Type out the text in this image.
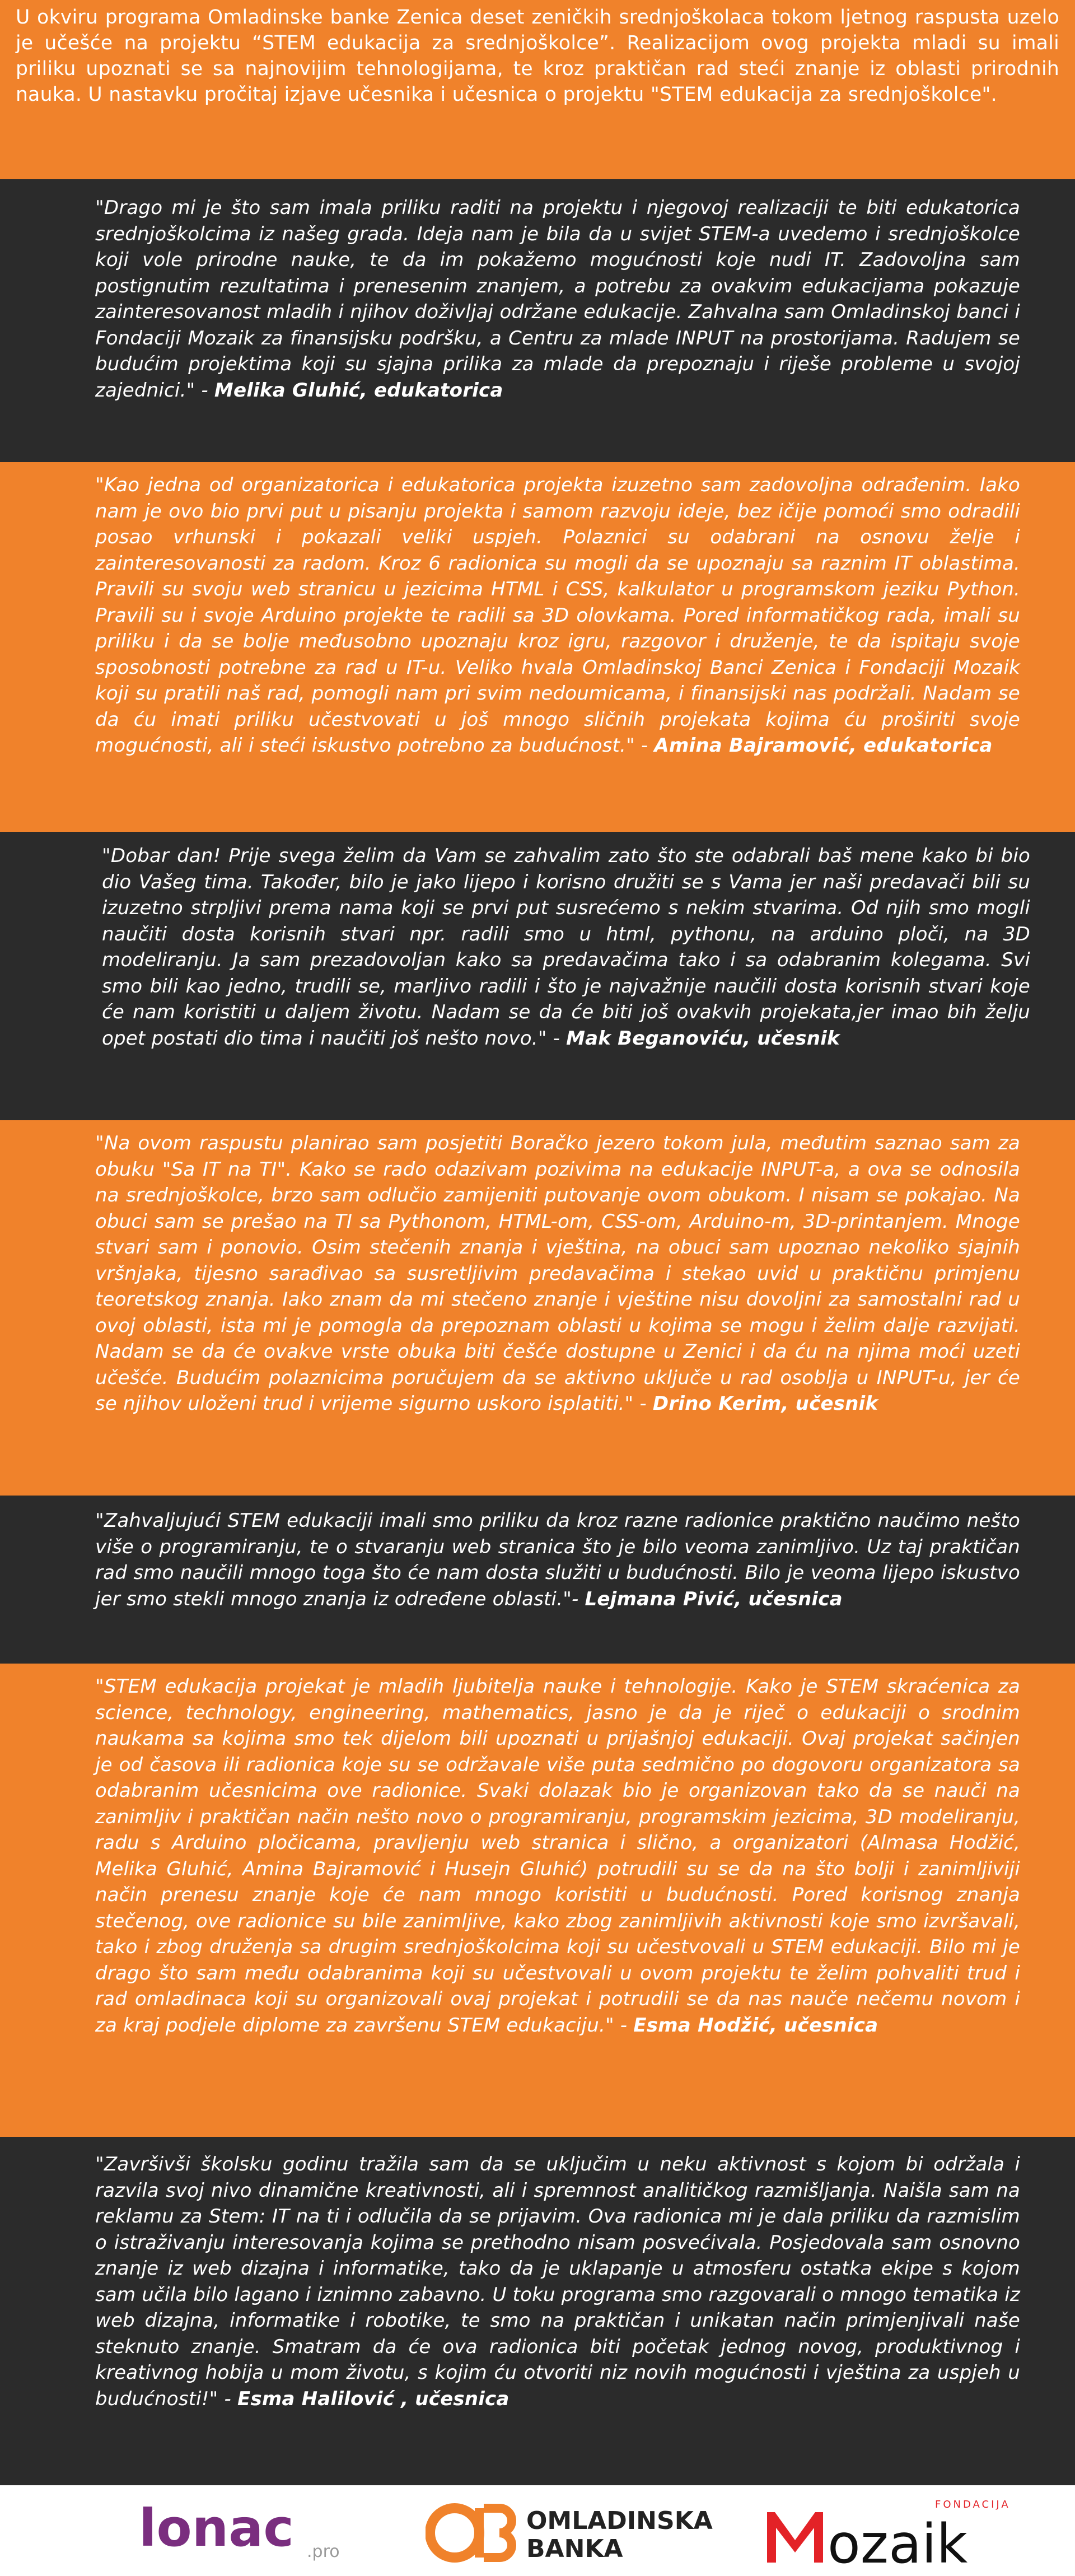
U okviru programa Omladinske banke Zenica deset zeničkih srednjoškolaca tokom ljetnog raspusta uzelo je učešće na projektu “STEM edukacija za srednjoškolce”. Realizacijom ovog projekta mladi su imali priliku upoznati se sa najnovijim tehnologijama, te kroz praktičan rad steći znanje iz oblasti prirodnih nauka. U nastavku pročitaj izjave učesnika i učesnica o projektu "STEM edukacija za srednjoškolce".
"Drago mi je što sam imala priliku raditi na projektu i njegovoj realizaciji te biti edukatorica srednjoškolcima iz našeg grada. Ideja nam je bila da u svijet STEM-a uvedemo i srednjoškolce koji vole prirodne nauke, te da im pokažemo mogućnosti koje nudi IT. Zadovoljna sam postignutim rezultatima i prenesenim znanjem, a potrebu za ovakvim edukacijama pokazuje zainteresovanost mladih i njihov doživljaj održane edukacije. Zahvalna sam Omladinskoj banci i Fondaciji Mozaik za finansijsku podršku, a Centru za mlade INPUT na prostorijama. Radujem se budućim projektima koji su sjajna prilika za mlade da prepoznaju i riješe probleme u svojoj zajednici." - Melika Gluhić, edukatorica
"Kao jedna od organizatorica i edukatorica projekta izuzetno sam zadovoljna odrađenim. Iako nam je ovo bio prvi put u pisanju projekta i samom razvoju ideje, bez ičije pomoći smo odradili posao vrhunski i pokazali veliki uspjeh. Polaznici su odabrani na osnovu želje i zainteresovanosti za radom. Kroz 6 radionica su mogli da se upoznaju sa raznim IT oblastima. Pravili su svoju web stranicu u jezicima HTML i CSS, kalkulator u programskom jeziku Python. Pravili su i svoje Arduino projekte te radili sa 3D olovkama. Pored informatičkog rada, imali su priliku i da se bolje međusobno upoznaju kroz igru, razgovor i druženje, te da ispitaju svoje sposobnosti potrebne za rad u IT-u. Veliko hvala Omladinskoj Banci Zenica i Fondaciji Mozaik koji su pratili naš rad, pomogli nam pri svim nedoumicama, i finansijski nas podržali. Nadam se da ću imati priliku učestvovati u još mnogo sličnih projekata kojima ću proširiti svoje mogućnosti, ali i steći iskustvo potrebno za budućnost." - Amina Bajramović, edukatorica
"Dobar dan! Prije svega želim da Vam se zahvalim zato što ste odabrali baš mene kako bi bio dio Vašeg tima. Također, bilo je jako lijepo i korisno družiti se s Vama jer naši predavači bili su izuzetno strpljivi prema nama koji se prvi put susrećemo s nekim stvarima. Od njih smo mogli naučiti dosta korisnih stvari npr. radili smo u html, pythonu, na arduino ploči, na 3D modeliranju. Ja sam prezadovoljan kako sa predavačima tako i sa odabranim kolegama. Svi smo bili kao jedno, trudili se, marljivo radili i što je najvažnije naučili dosta korisnih stvari koje će nam koristiti u daljem životu. Nadam se da će biti još ovakvih projekata,jer imao bih želju opet postati dio tima i naučiti još nešto novo." - Mak Beganoviću, učesnik
"Na ovom raspustu planirao sam posjetiti Boračko jezero tokom jula, međutim saznao sam za obuku "Sa IT na TI". Kako se rado odazivam pozivima na edukacije INPUT-a, a ova se odnosila na srednjoškolce, brzo sam odlučio zamijeniti putovanje ovom obukom. I nisam se pokajao. Na obuci sam se prešao na TI sa Pythonom, HTML-om, CSS-om, Arduino-m, 3D-printanjem. Mnoge stvari sam i ponovio. Osim stečenih znanja i vještina, na obuci sam upoznao nekoliko sjajnih vršnjaka, tijesno sarađivao sa susretljivim predavačima i stekao uvid u praktičnu primjenu teoretskog znanja. Iako znam da mi stečeno znanje i vještine nisu dovoljni za samostalni rad u ovoj oblasti, ista mi je pomogla da prepoznam oblasti u kojima se mogu i želim dalje razvijati. Nadam se da će ovakve vrste obuka biti češće dostupne u Zenici i da ću na njima moći uzeti učešće. Budućim polaznicima poručujem da se aktivno uključe u rad osoblja u INPUT-u, jer će se njihov uloženi trud i vrijeme sigurno uskoro isplatiti." - Drino Kerim, učesnik
"Zahvaljujući STEM edukaciji imali smo priliku da kroz razne radionice praktično naučimo nešto više o programiranju, te o stvaranju web stranica što je bilo veoma zanimljivo. Uz taj praktičan rad smo naučili mnogo toga što će nam dosta služiti u budućnosti. Bilo je veoma lijepo iskustvo jer smo stekli mnogo znanja iz određene oblasti."- Lejmana Pivić, učesnica
"STEM edukacija projekat je mladih ljubitelja nauke i tehnologije. Kako je STEM skraćenica za science, technology, engineering, mathematics, jasno je da je riječ o edukaciji o srodnim naukama sa kojima smo tek dijelom bili upoznati u prijašnjoj edukaciji. Ovaj projekat sačinjen je od časova ili radionica koje su se održavale više puta sedmično po dogovoru organizatora sa odabranim učesnicima ove radionice. Svaki dolazak bio je organizovan tako da se nauči na zanimljiv i praktičan način nešto novo o programiranju, programskim jezicima, 3D modeliranju, radu s Arduino pločicama, pravljenju web stranica i slično, a organizatori (Almasa Hodžić, Melika Gluhić, Amina Bajramović i Husejn Gluhić) potrudili su se da na što bolji i zanimljiviji način prenesu znanje koje će nam mnogo koristiti u budućnosti. Pored korisnog znanja stečenog, ove radionice su bile zanimljive, kako zbog zanimljivih aktivnosti koje smo izvršavali, tako i zbog druženja sa drugim srednjoškolcima koji su učestvovali u STEM edukaciji. Bilo mi je drago što sam među odabranima koji su učestvovali u ovom projektu te želim pohvaliti trud i rad omladinaca koji su organizovali ovaj projekat i potrudili se da nas nauče nečemu novom i za kraj podjele diplome za završenu STEM edukaciju." - Esma Hodžić, učesnica
"Završivši školsku godinu tražila sam da se uključim u neku aktivnost s kojom bi održala i razvila svoj nivo dinamične kreativnosti, ali i spremnost analitičkog razmišljanja. Naišla sam na reklamu za Stem: IT na ti i odlučila da se prijavim. Ova radionica mi je dala priliku da razmislim o istraživanju interesovanja kojima se prethodno nisam posvećivala. Posjedovala sam osnovno znanje iz web dizajna i informatike, tako da je uklapanje u atmosferu ostatka ekipe s kojom sam učila bilo lagano i iznimno zabavno. U toku programa smo razgovarali o mnogo tematika iz web dizajna, informatike i robotike, te smo na praktičan i unikatan način primjenjivali naše steknuto znanje. Smatram da će ova radionica biti početak jednog novog, produktivnog i kreativnog hobija u mom životu, s kojim ću otvoriti niz novih mogućnosti i vještina za uspjeh u budućnosti!" - Esma Halilović , učesnica
lonac .pro
OMLADINSKA
BANKA
FONDACIJA
ozaik
